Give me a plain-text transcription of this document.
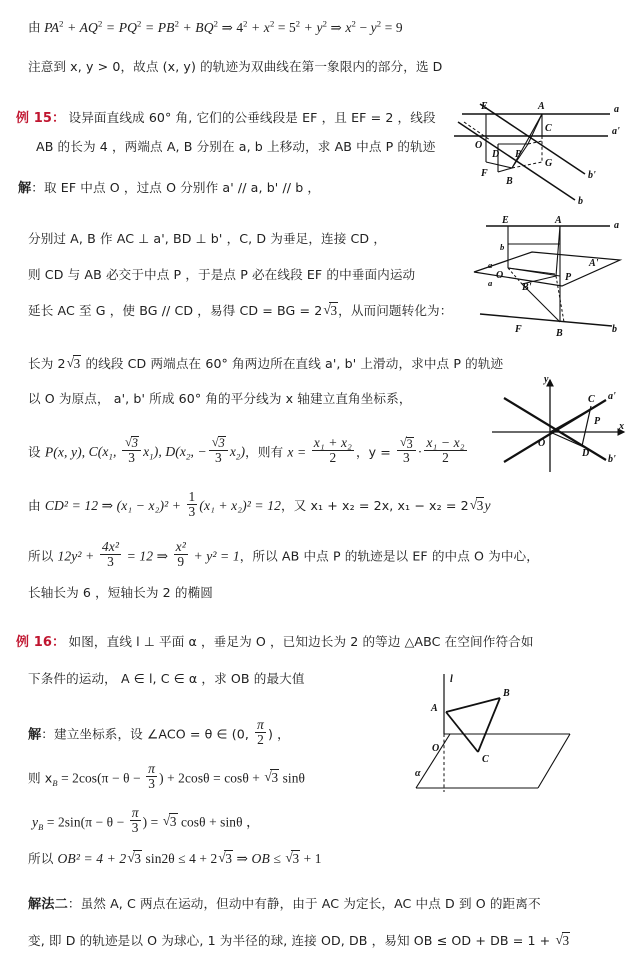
由 $PA^2 + AQ^2 = PQ^2 = PB^2 + BQ^2$ ⇒ $4^2 + x^2 = 5^2 + y^2$ ⇒ $x^2 - y^2 = 9$
注意到 x, y > 0，故点 (x, y) 的轨迹为双曲线在第一象限内的部分，选 D
例 15： 设异面直线成 60° 角, 它们的公垂线段是 EF ，且 EF = 2 ，线段
AB 的长为 4 ，两端点 A, B 分别在 a, b 上移动，求 AB 中点 P 的轨迹
解：取 EF 中点 O ，过点 O 分别作 a' // a, b' // b ，
分别过 A, B 作 AC ⊥ a', BD ⊥ b' ，C, D 为垂足，连接 CD ，
则 CD 与 AB 必交于中点 P ，于是点 P 必在线段 EF 的中垂面内运动
延长 AC 至 G ，使 BG // CD ，易得 CD = BG = 2 √ 3，从而问题转化为：
长为 2 √ 3 的线段 CD 两端点在 60° 角两边所在直线 a', b' 上滑动，求中点 P 的轨迹
以 O 为原点， a', b' 所成 60° 角的平分线为 x 轴建立直角坐标系，
设 P(x, y), $C(x_1$, √ $\frac{3}{3} x_1$), $D(x_2$, − √ $\frac{3}{3} x_2$)，则有 $x = \frac{\text{x₁ + x₂}}{2}$ ，y = √ $\frac{3}{3} \cdot \frac{\text{x₁ − x₂}}{2}$
由 CD² = 12 ⇒ $(x_1 - x_2)^2 + \frac{1}{3} (x_1 + x_2)^2 = 12$，又 x₁ + x₂ = 2x, x₁ − x₂ = 2 √ 3y
所以 $12y^2 + \frac{\text{4x²}}{3} = 12$ ⇒ $\frac{\text{x²}}{9} + y^2 = 1$，所以 AB 中点 P 的轨迹是以 EF 的中点 O 为中心，
长轴长为 6 ，短轴长为 2 的椭圆
例 16： 如图，直线 l ⊥ 平面 α ，垂足为 O ，已知边长为 2 的等边 △ABC 在空间作符合如
下条件的运动， A ∈ l, C ∈ α ，求 OB 的最大值
解：建立坐标系，设 ∠ACO = θ ∈ (0, $\frac{\pi}{2}$ ) ，
则 $x_B = 2\cos(\pi - \theta - \frac{\pi}{3}$ ) + 2cosθ = cosθ + √ 3 sinθ
$y_B = 2\sin(\pi - \theta - \frac{\pi}{3}$ ) = √ 3 cosθ + sinθ ，
所以 OB² = 4 + 2 √ 3 sin2θ ≤ 4 + 2 √ 3 ⇒ OB ≤ √ 3 + 1
解法二：虽然 A, C 两点在运动，但动中有静，由于 AC 为定长，AC 中点 D 到 O 的距离不
变, 即 D 的轨迹是以 O 为球心, 1 为半径的球, 连接 OD, DB ，易知 OB ≤ OD + DB = 1 + √ 3
E	A	a
O
C	a'
D P
G
F
B
b'
b
E	A	a
b
a
O
a
A'
P
B'
F	B	b
y
x
O
C a'
P
D
b'
l
B
A
O
C
α
